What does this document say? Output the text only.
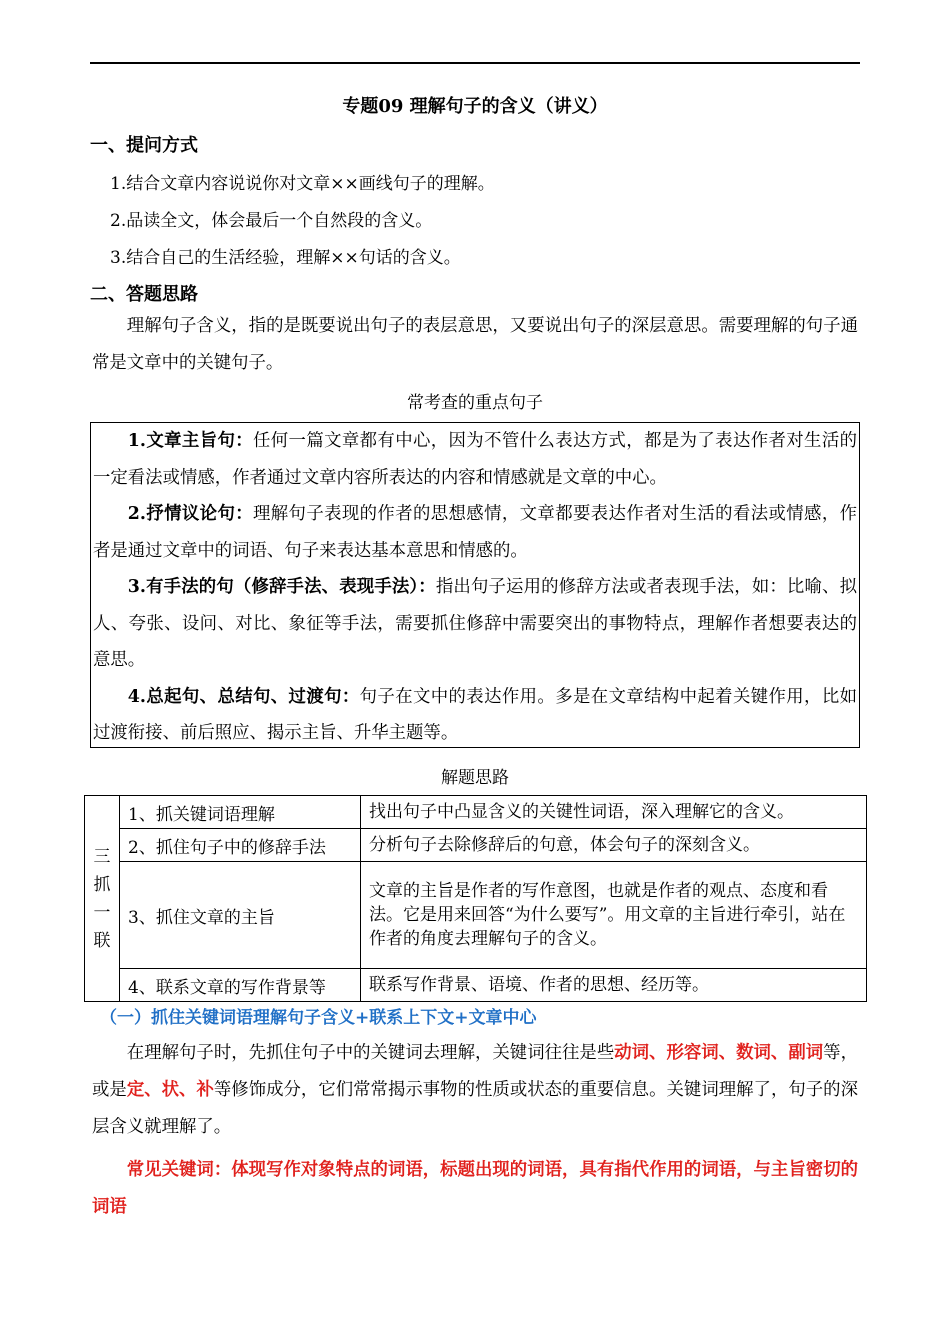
专题09 理解句子的含义（讲义）
一、提问方式
1.结合文章内容说说你对文章××画线句子的理解。
2.品读全文，体会最后一个自然段的含义。
3.结合自己的生活经验，理解××句话的含义。
二、答题思路
理解句子含义，指的是既要说出句子的表层意思，又要说出句子的深层意思。需要理解的句子通常是文章中的关键句子。
常考查的重点句子

1.文章主旨句：任何一篇文章都有中心，因为不管什么表达方式，都是为了表达作者对生活的一定看法或情感，作者通过文章内容所表达的内容和情感就是文章的中心。

2.抒情议论句：理解句子表现的作者的思想感情，文章都要表达作者对生活的看法或情感，作者是通过文章中的词语、句子来表达基本意思和情感的。

3.有手法的句（修辞手法、表现手法）：指出句子运用的修辞方法或者表现手法，如：比喻、拟人、夸张、设问、对比、象征等手法，需要抓住修辞中需要突出的事物特点，理解作者想要表达的意思。

4.总起句、总结句、过渡句：句子在文中的表达作用。多是在文章结构中起着关键作用，比如过渡衔接、前后照应、揭示主旨、升华主题等。

解题思路
三
抓
一
联	1、抓关键词语理解	找出句子中凸显含义的关键性词语，深入理解它的含义。
	2、抓住句子中的修辞手法	分析句子去除修辞后的句意，体会句子的深刻含义。
	3、抓住文章的主旨	文章的主旨是作者的写作意图，也就是作者的观点、态度和看法。它是用来回答“为什么要写”。用文章的主旨进行牵引，站在作者的角度去理解句子的含义。
	4、联系文章的写作背景等	联系写作背景、语境、作者的思想、经历等。
（一）抓住关键词语理解句子含义+联系上下文+文章中心
在理解句子时，先抓住句子中的关键词去理解，关键词往往是些动词、形容词、数词、副词等，或是定、状、补等修饰成分，它们常常揭示事物的性质或状态的重要信息。关键词理解了，句子的深层含义就理解了。
常见关键词：体现写作对象特点的词语，标题出现的词语，具有指代作用的词语，与主旨密切的词语
